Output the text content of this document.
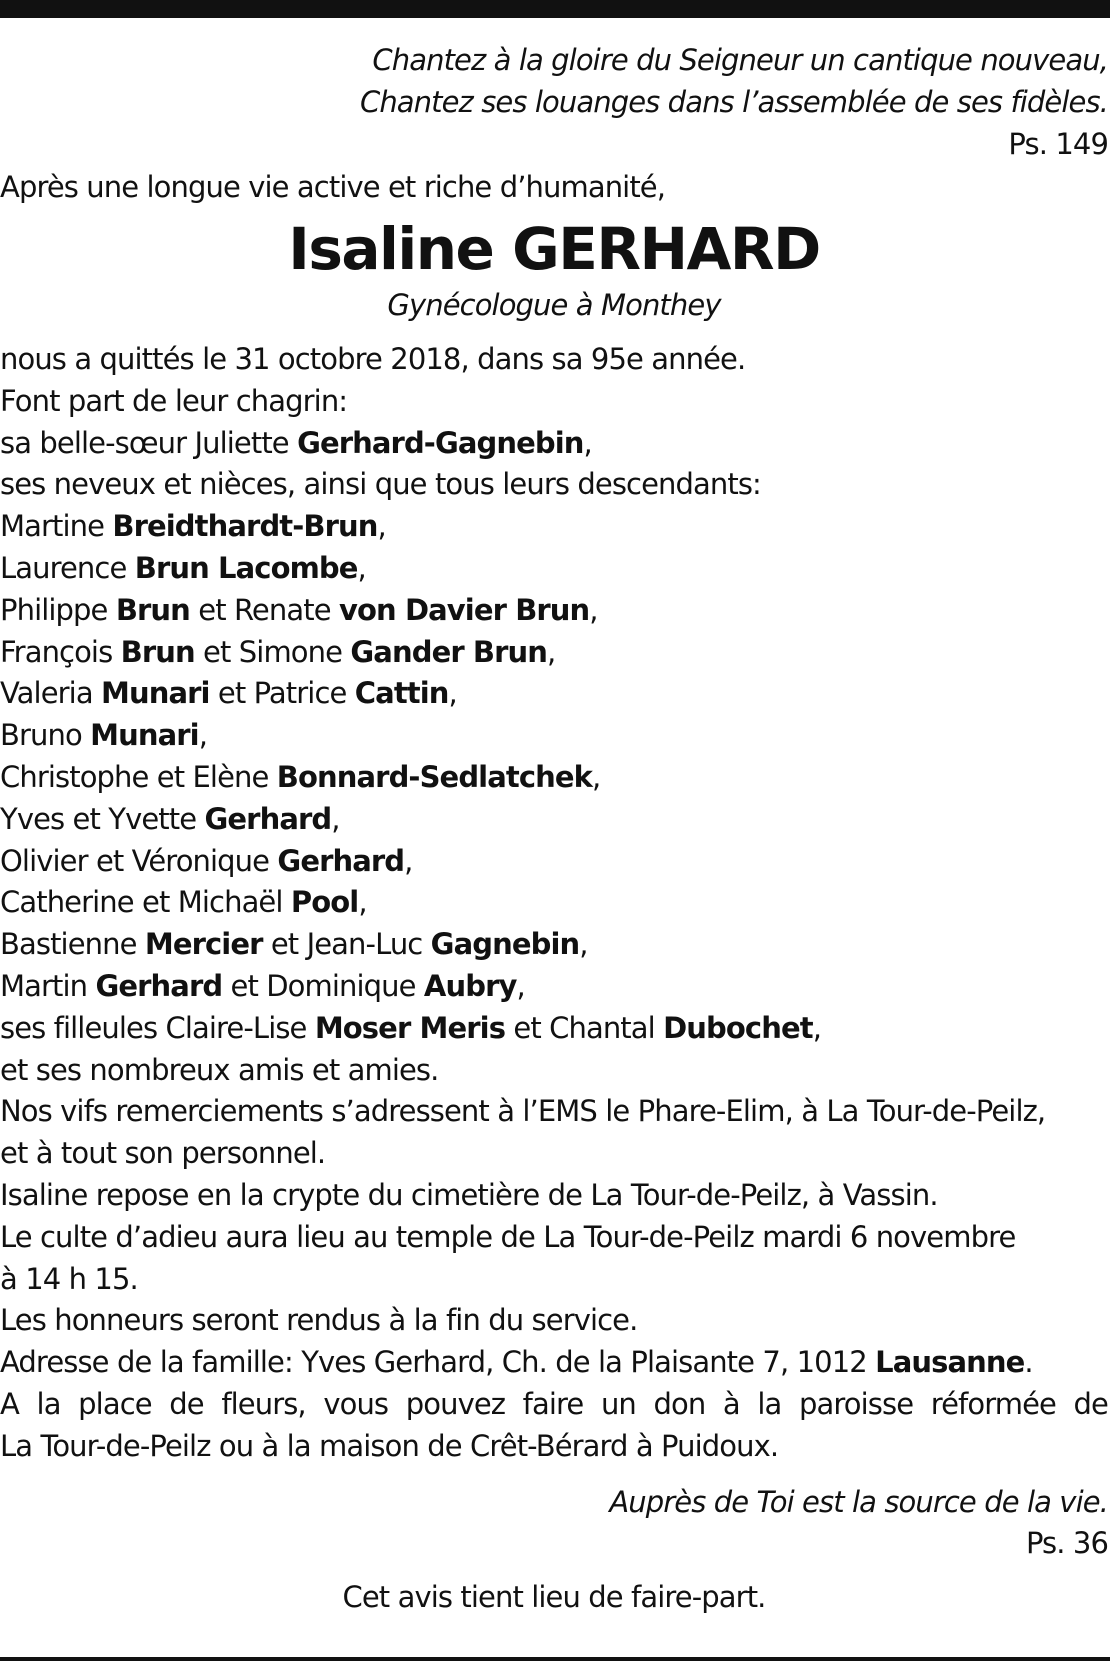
Chantez à la gloire du Seigneur un cantique nouveau,
Chantez ses louanges dans l’assemblée de ses fidèles.
Ps. 149
Après une longue vie active et riche d’humanité,
Isaline GERHARD
Gynécologue à Monthey
nous a quittés le 31 octobre 2018, dans sa 95e année.
Font part de leur chagrin:
sa belle-sœur Juliette Gerhard-Gagnebin,
ses neveux et nièces, ainsi que tous leurs descendants:
Martine Breidthardt-Brun,
Laurence Brun Lacombe,
Philippe Brun et Renate von Davier Brun,
François Brun et Simone Gander Brun,
Valeria Munari et Patrice Cattin,
Bruno Munari,
Christophe et Elène Bonnard-Sedlatchek,
Yves et Yvette Gerhard,
Olivier et Véronique Gerhard,
Catherine et Michaël Pool,
Bastienne Mercier et Jean-Luc Gagnebin,
Martin Gerhard et Dominique Aubry,
ses filleules Claire-Lise Moser Meris et Chantal Dubochet,
et ses nombreux amis et amies.
Nos vifs remerciements s’adressent à l’EMS le Phare-Elim, à La Tour-de-Peilz,
et à tout son personnel.
Isaline repose en la crypte du cimetière de La Tour-de-Peilz, à Vassin.
Le culte d’adieu aura lieu au temple de La Tour-de-Peilz mardi 6 novembre
à 14 h 15.
Les honneurs seront rendus à la fin du service.
Adresse de la famille: Yves Gerhard, Ch. de la Plaisante 7, 1012 Lausanne.
A la place de fleurs, vous pouvez faire un don à la paroisse réformée de
La Tour-de-Peilz ou à la maison de Crêt-Bérard à Puidoux.
Auprès de Toi est la source de la vie.
Ps. 36
Cet avis tient lieu de faire-part.
